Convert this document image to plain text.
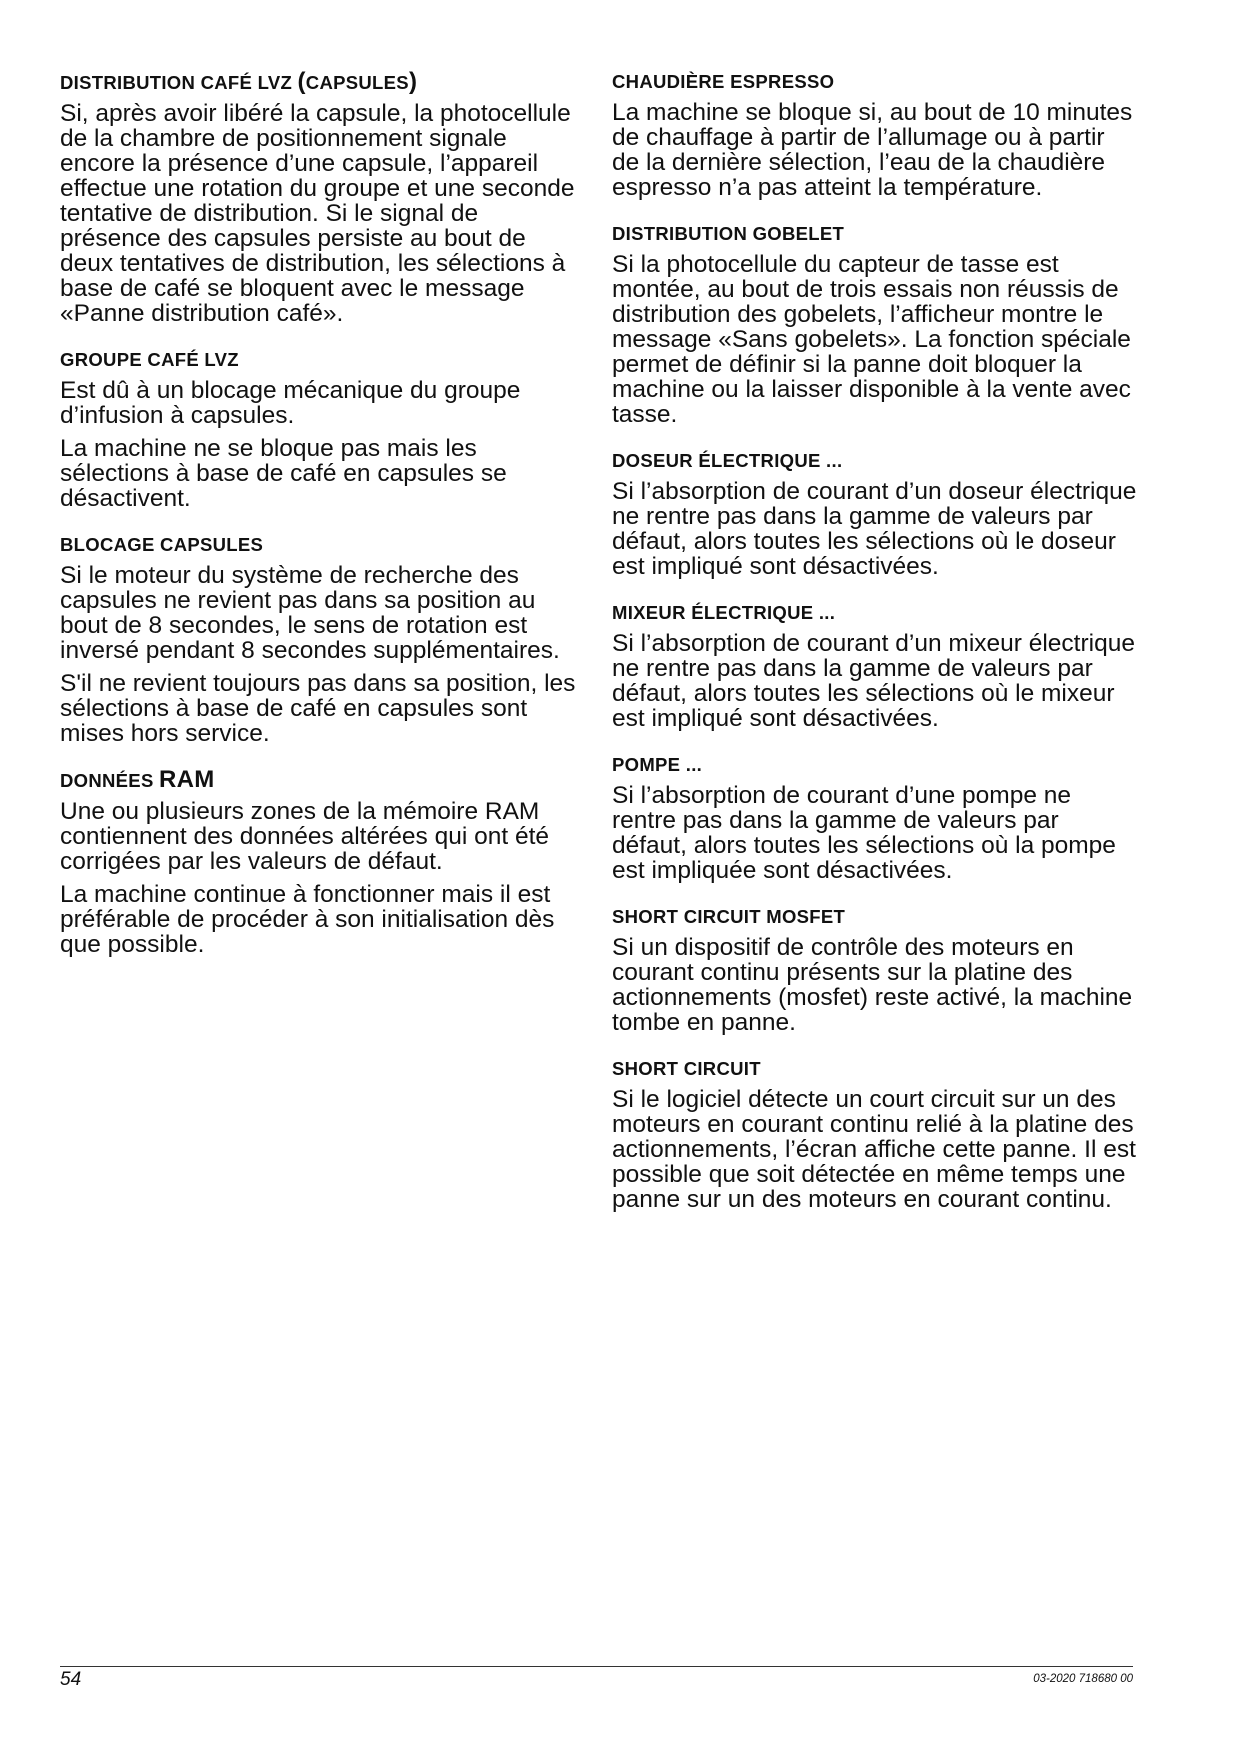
DISTRIBUTION CAFÉ LVZ (CAPSULES)

Si, après avoir libéré la capsule, la photocellule de la chambre de positionnement signale encore la présence d’une capsule, l’appareil effectue une rotation du groupe et une seconde tentative de distribution. Si le signal de présence des capsules persiste au bout de deux tentatives de distribution, les sélections à base de café se bloquent avec le message «Panne distribution café».

GROUPE CAFÉ LVZ

Est dû à un blocage mécanique du groupe d’infusion à capsules.

La machine ne se bloque pas mais les sélections à base de café en capsules se désactivent.

BLOCAGE CAPSULES

Si le moteur du système de recherche des capsules ne revient pas dans sa position au bout de 8 secondes, le sens de rotation est inversé pendant 8 secondes supplémentaires.

S'il ne revient toujours pas dans sa position, les sélections à base de café en capsules sont mises hors service.

DONNÉES RAM

Une ou plusieurs zones de la mémoire RAM contiennent des données altérées qui ont été corrigées par les valeurs de défaut.

La machine continue à fonctionner mais il est préférable de procéder à son initialisation dès que possible.

CHAUDIÈRE ESPRESSO

La machine se bloque si, au bout de 10 minutes de chauffage à partir de l’allumage ou à partir de la dernière sélection, l’eau de la chaudière espresso n’a pas atteint la température.

DISTRIBUTION GOBELET

Si la photocellule du capteur de tasse est montée, au bout de trois essais non réussis de distribution des gobelets, l’afficheur montre le message «Sans gobelets». La fonction spéciale permet de définir si la panne doit bloquer la machine ou la laisser disponible à la vente avec tasse.

DOSEUR ÉLECTRIQUE ...

Si l’absorption de courant d’un doseur électrique ne rentre pas dans la gamme de valeurs par défaut, alors toutes les sélections où le doseur est impliqué sont désactivées.

MIXEUR ÉLECTRIQUE ...

Si l’absorption de courant d’un mixeur électrique ne rentre pas dans la gamme de valeurs par défaut, alors toutes les sélections où le mixeur est impliqué sont désactivées.

POMPE ...

Si l’absorption de courant d’une pompe ne rentre pas dans la gamme de valeurs par défaut, alors toutes les sélections où la pompe est impliquée sont désactivées.

SHORT CIRCUIT MOSFET

Si un dispositif de contrôle des moteurs en courant continu présents sur la platine des actionnements (mosfet) reste activé, la machine tombe en panne.

SHORT CIRCUIT

Si le logiciel détecte un court circuit sur un des moteurs en courant continu relié à la platine des actionnements, l’écran affiche cette panne. Il est possible que soit détectée en même temps une panne sur un des moteurs en courant continu.

54	03-2020 718680 00
